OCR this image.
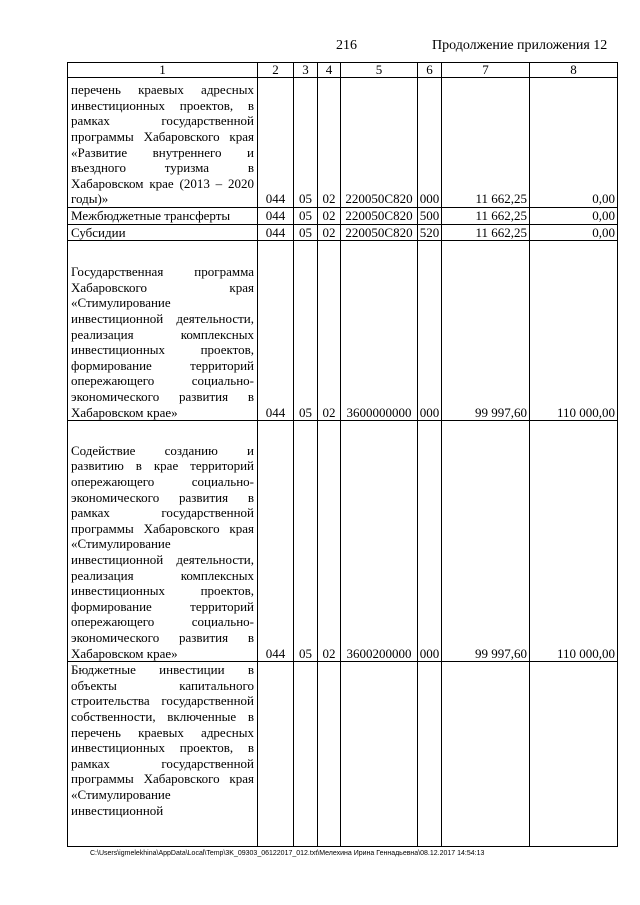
216	Продолжение приложения 12
1	2	3	4	5	6	7	8
перечень краевых адресных инвестиционных проектов, в рамках государственной программы Хабаровского края «Развитие внутреннего и въездного туризма в Хабаровском крае (2013 – 2020 годы)»	044	05	02	220050C820	000	11 662,25	0,00
Межбюджетные трансферты	044	05	02	220050C820	500	11 662,25	0,00
Субсидии	044	05	02	220050C820	520	11 662,25	0,00
Государственная программа Хабаровского края «Стимулирование инвестиционной деятельности, реализация комплексных инвестиционных проектов, формирование территорий опережающего социально-экономического развития в Хабаровском крае»	044	05	02	3600000000	000	99 997,60	110 000,00
Содействие созданию и развитию в крае территорий опережающего социально-экономического развития в рамках государственной программы Хабаровского края «Стимулирование инвестиционной деятельности, реализация комплексных инвестиционных проектов, формирование территорий опережающего социально-экономического развития в Хабаровском крае»	044	05	02	3600200000	000	99 997,60	110 000,00
Бюджетные инвестиции в объекты капитального строительства государственной собственности, включенные в перечень краевых адресных инвестиционных проектов, в рамках государственной программы Хабаровского края «Стимулирование инвестиционной							
C:\Users\igmelekhina\AppData\Local\Temp\3K_09303_06122017_012.txt\Мелехина Ирина Геннадьевна\08.12.2017 14:54:13
